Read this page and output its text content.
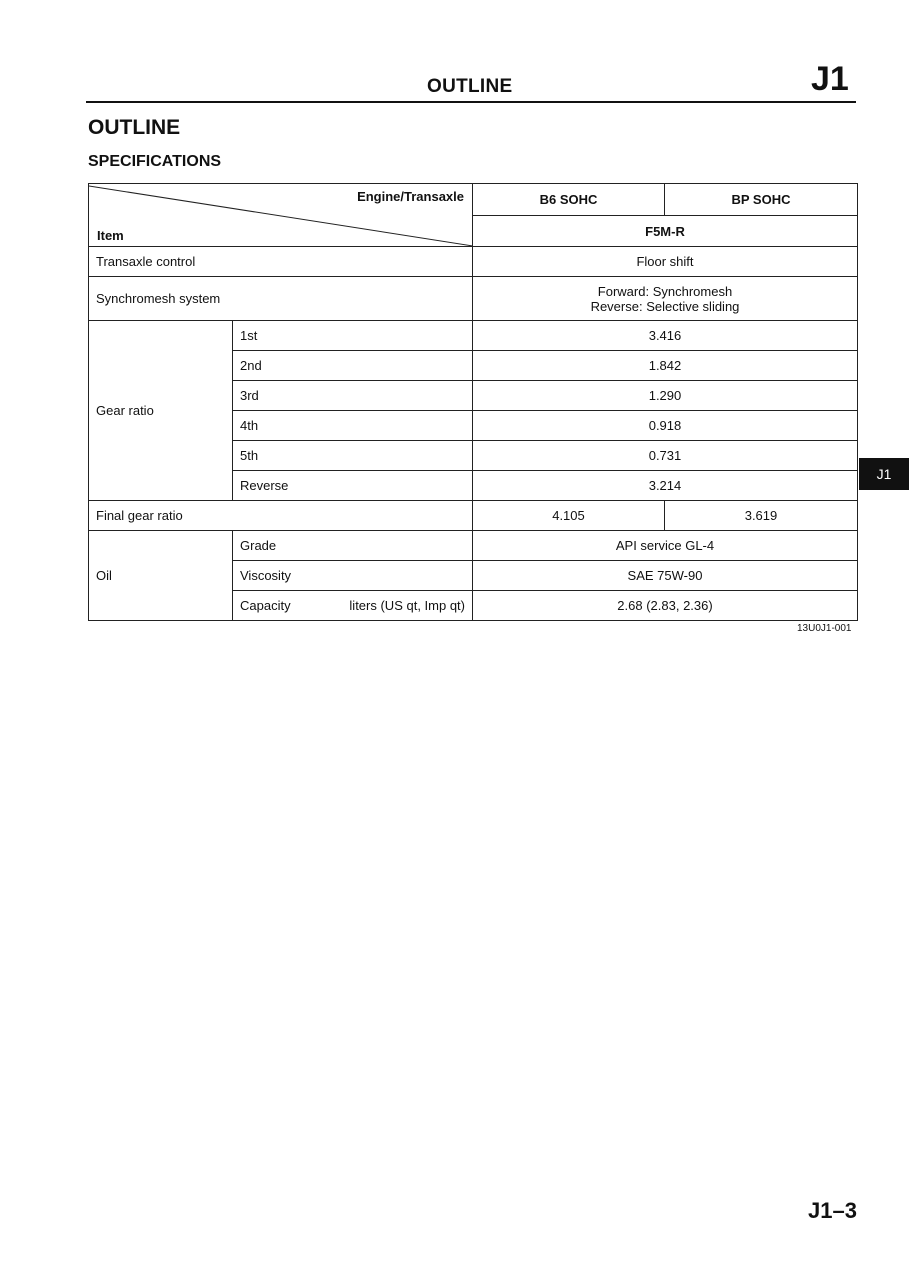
OUTLINE	J1
OUTLINE
SPECIFICATIONS
Engine/Transaxle
Item		B6 SOHC	BP SOHC
		F5M-R	
Transaxle control		Floor shift	
Synchromesh system		Forward: Synchromesh
Reverse: Selective sliding	

Gear ratio	1st	3.416	
	2nd	1.842	
	3rd	1.290	
	4th	0.918	
	5th	0.731	
	Reverse	3.214	
Final gear ratio		4.105	3.619
Oil	Grade	API service GL-4	
	Viscosity	SAE 75W-90	
	Capacity liters (US qt, Imp qt)	2.68 (2.83, 2.36)	
13U0J1-001
J1
J1–3
